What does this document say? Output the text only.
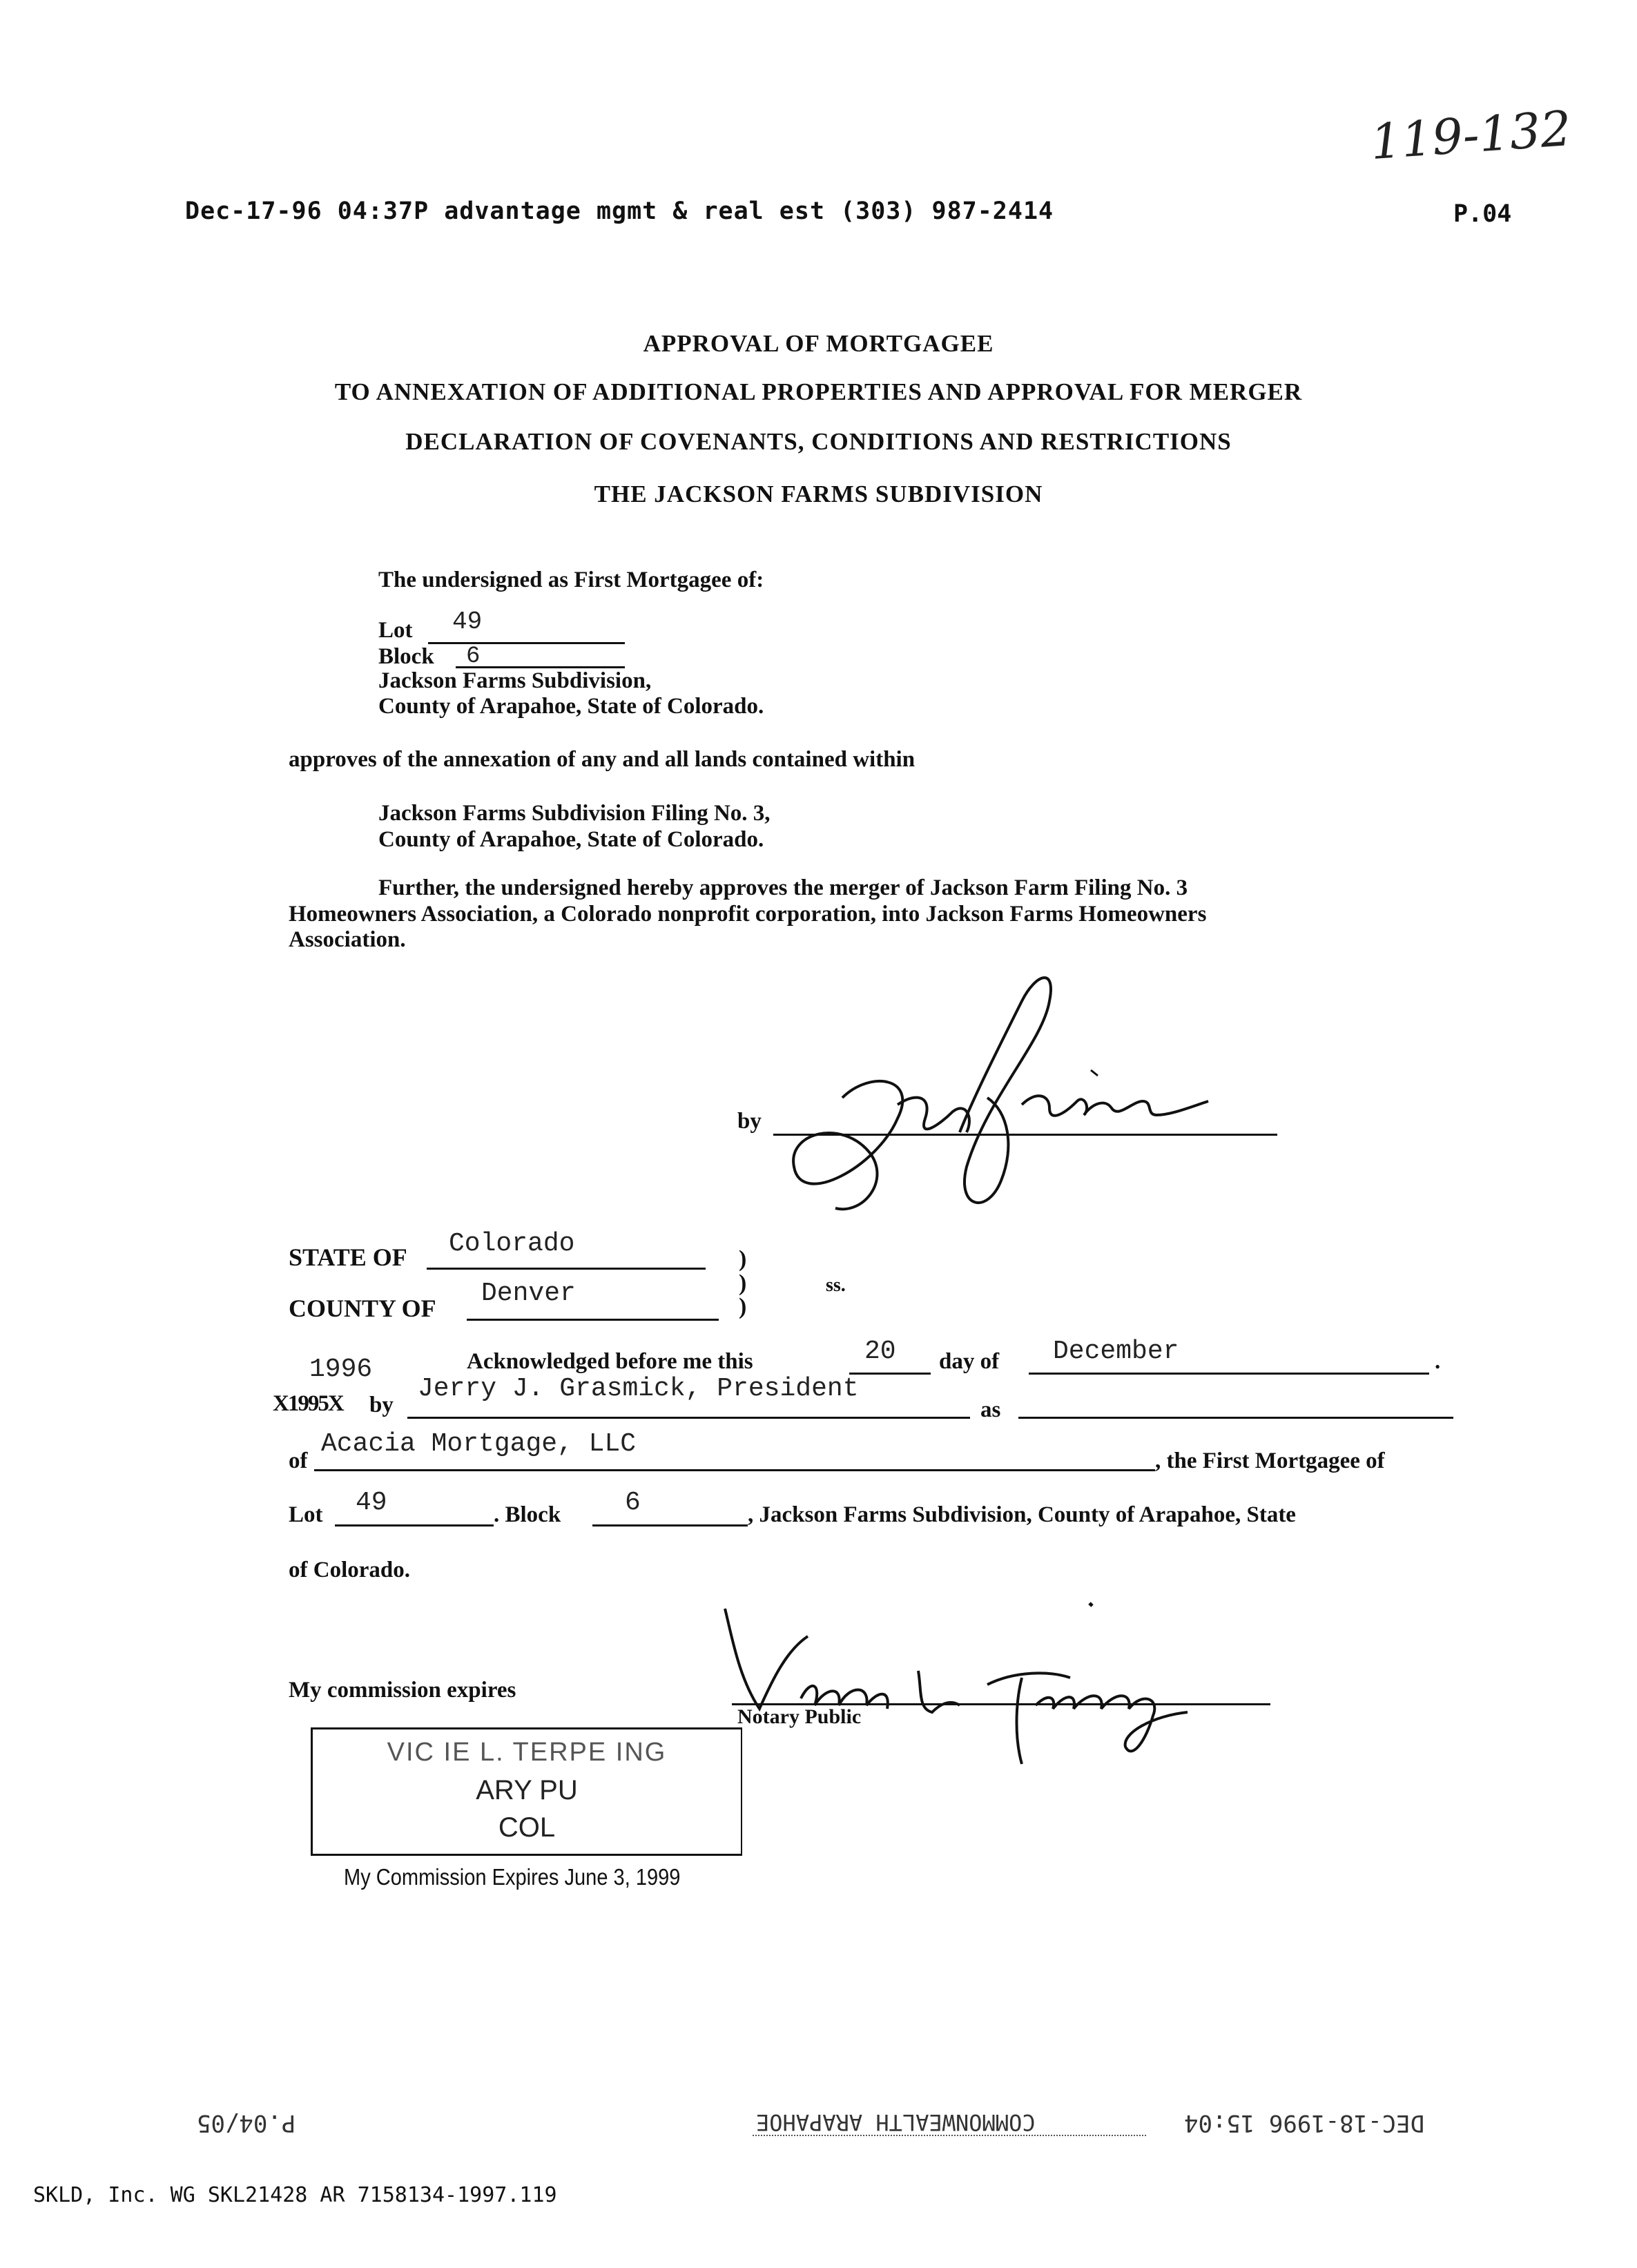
119-132
Dec-17-96 04:37P advantage mgmt & real est (303) 987-2414	P.04
APPROVAL OF MORTGAGEE
TO ANNEXATION OF ADDITIONAL PROPERTIES AND APPROVAL FOR MERGER
DECLARATION OF COVENANTS, CONDITIONS AND RESTRICTIONS
THE JACKSON FARMS SUBDIVISION
The undersigned as First Mortgagee of:
Lot 49
Block 6
Jackson Farms Subdivision,
County of Arapahoe, State of Colorado.
approves of the annexation of any and all lands contained within
Jackson Farms Subdivision Filing No. 3,
County of Arapahoe, State of Colorado.
Further, the undersigned hereby approves the merger of Jackson Farm Filing No. 3
Homeowners Association, a Colorado nonprofit corporation, into Jackson Farms Homeowners
Association.
by
STATE OF Colorado
)
COUNTY OF Denver	)
)
ss.
Acknowledged before me this	20 day of December	.
1996
X1995X by
Jerry J. Grasmick, President
as
of
Acacia Mortgage, LLC
, the First Mortgagee of
Lot 49	. Block 6	, Jackson Farms Subdivision, County of Arapahoe, State
of Colorado.
My commission expires
Notary Public
VIC IE L. TERPE ING
ARY PU
COL
My Commission Expires June 3, 1999
P.04/05	COMMONWEALTH ARAPAHOE	DEC-18-1996 15:04
SKLD, Inc. WG SKL21428 AR 7158134-1997.119
